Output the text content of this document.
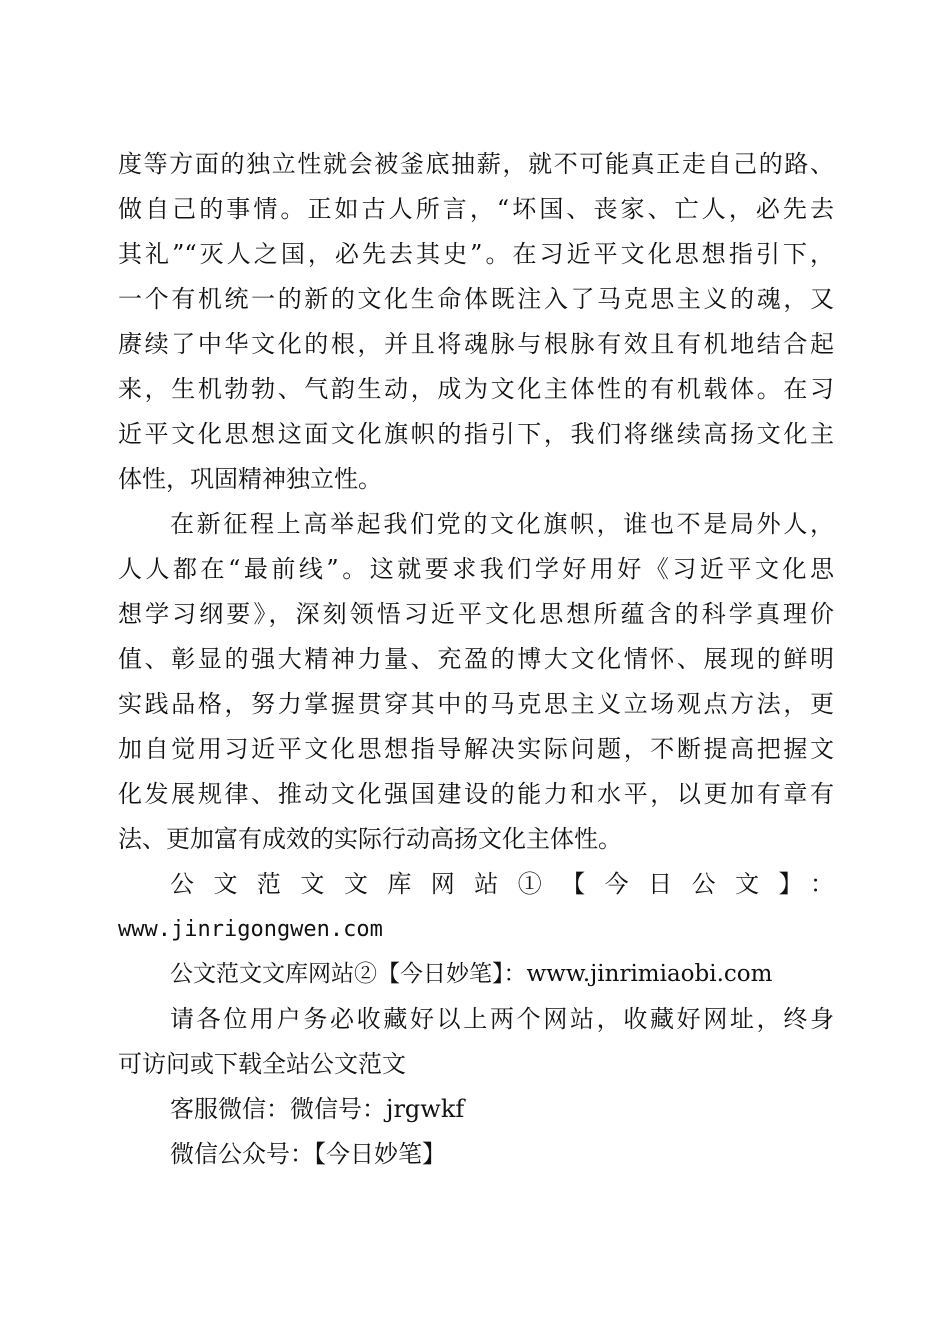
度等方面的独立性就会被釜底抽薪，就不可能真正走自己的路、
做自己的事情。正如古人所言，“坏国、丧家、亡人，必先去
其礼”“灭人之国，必先去其史”。在习近平文化思想指引下，
一个有机统一的新的文化生命体既注入了马克思主义的魂，又
赓续了中华文化的根，并且将魂脉与根脉有效且有机地结合起
来，生机勃勃、气韵生动，成为文化主体性的有机载体。在习
近平文化思想这面文化旗帜的指引下，我们将继续高扬文化主
体性，巩固精神独立性。
在新征程上高举起我们党的文化旗帜，谁也不是局外人，
人人都在“最前线”。这就要求我们学好用好《习近平文化思
想学习纲要》，深刻领悟习近平文化思想所蕴含的科学真理价
值、彰显的强大精神力量、充盈的博大文化情怀、展现的鲜明
实践品格，努力掌握贯穿其中的马克思主义立场观点方法，更
加自觉用习近平文化思想指导解决实际问题，不断提高把握文
化发展规律、推动文化强国建设的能力和水平，以更加有章有
法、更加富有成效的实际行动高扬文化主体性。
公文范文文库网站①【今日公文】：
www.jinrigongwen.com
公文范文文库网站②【今日妙笔】：www.jinrimiaobi.com
请各位用户务必收藏好以上两个网站，收藏好网址，终身
可访问或下载全站公文范文
客服微信：微信号：jrgwkf
微信公众号：【今日妙笔】
